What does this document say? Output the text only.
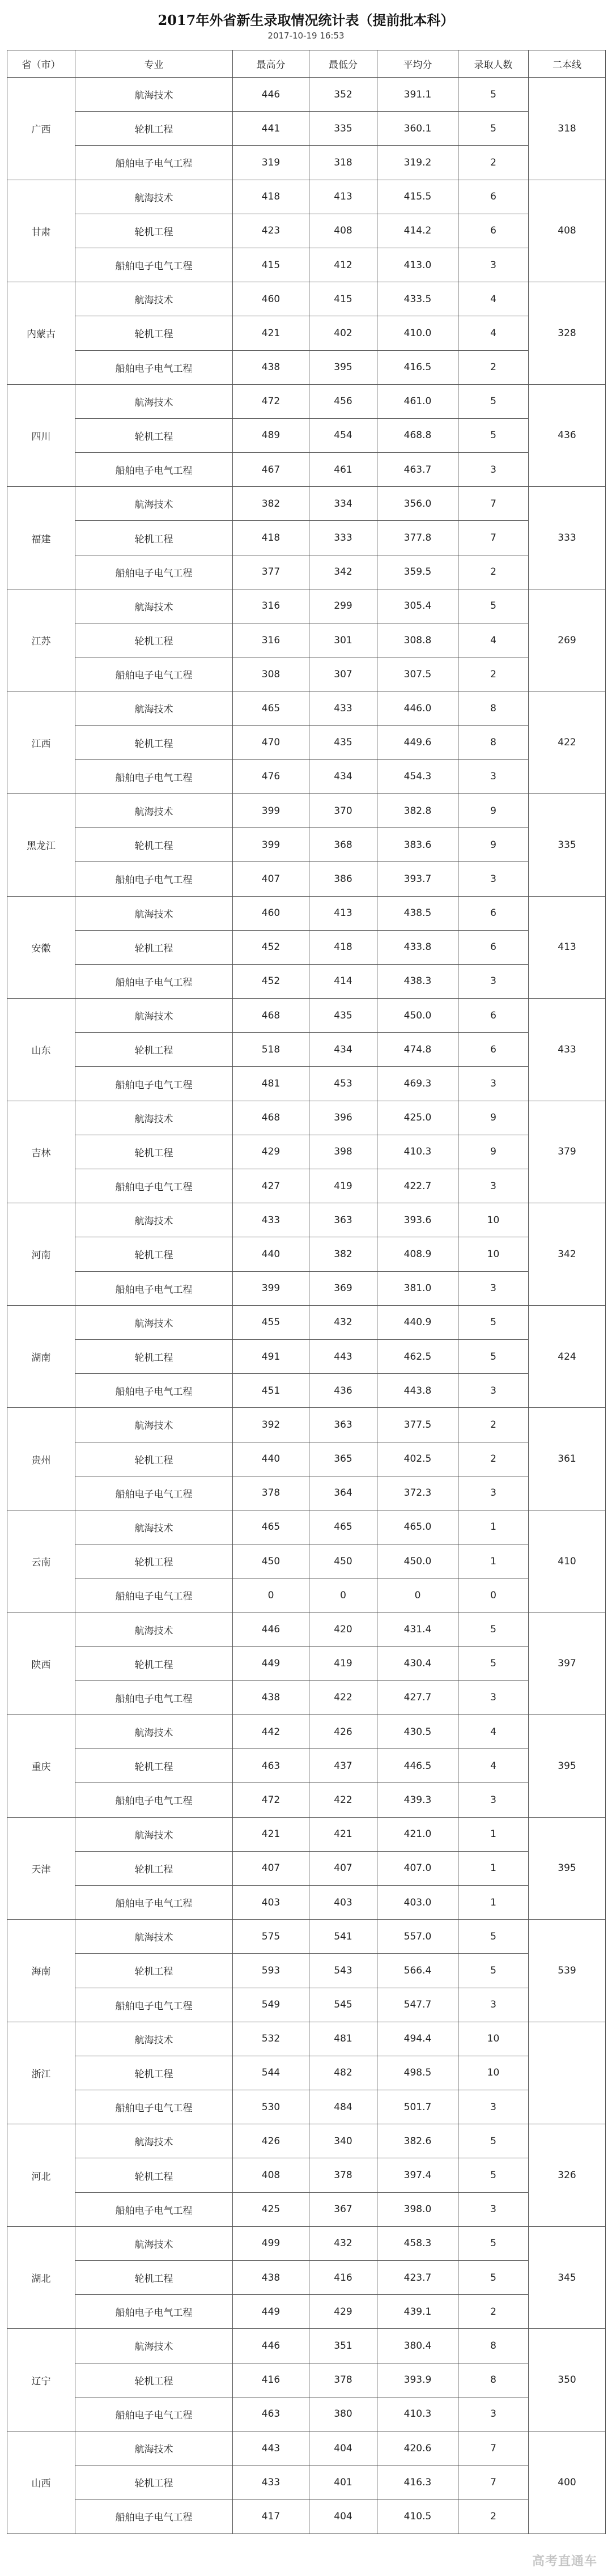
2017年外省新生录取情况统计表（提前批本科）
2017-10-19 16:53
省（市）	专业	最高分	最低分	平均分	录取人数	二本线
广西	航海技术	446	352	391.1	5	318
	轮机工程	441	335	360.1	5	
	船舶电子电气工程	319	318	319.2	2	
甘肃	航海技术	418	413	415.5	6	408
	轮机工程	423	408	414.2	6	
	船舶电子电气工程	415	412	413.0	3	
内蒙古	航海技术	460	415	433.5	4	328
	轮机工程	421	402	410.0	4	
	船舶电子电气工程	438	395	416.5	2	
四川	航海技术	472	456	461.0	5	436
	轮机工程	489	454	468.8	5	
	船舶电子电气工程	467	461	463.7	3	
福建	航海技术	382	334	356.0	7	333
	轮机工程	418	333	377.8	7	
	船舶电子电气工程	377	342	359.5	2	
江苏	航海技术	316	299	305.4	5	269
	轮机工程	316	301	308.8	4	
	船舶电子电气工程	308	307	307.5	2	
江西	航海技术	465	433	446.0	8	422
	轮机工程	470	435	449.6	8	
	船舶电子电气工程	476	434	454.3	3	
黑龙江	航海技术	399	370	382.8	9	335
	轮机工程	399	368	383.6	9	
	船舶电子电气工程	407	386	393.7	3	
安徽	航海技术	460	413	438.5	6	413
	轮机工程	452	418	433.8	6	
	船舶电子电气工程	452	414	438.3	3	
山东	航海技术	468	435	450.0	6	433
	轮机工程	518	434	474.8	6	
	船舶电子电气工程	481	453	469.3	3	
吉林	航海技术	468	396	425.0	9	379
	轮机工程	429	398	410.3	9	
	船舶电子电气工程	427	419	422.7	3	
河南	航海技术	433	363	393.6	10	342
	轮机工程	440	382	408.9	10	
	船舶电子电气工程	399	369	381.0	3	
湖南	航海技术	455	432	440.9	5	424
	轮机工程	491	443	462.5	5	
	船舶电子电气工程	451	436	443.8	3	
贵州	航海技术	392	363	377.5	2	361
	轮机工程	440	365	402.5	2	
	船舶电子电气工程	378	364	372.3	3	
云南	航海技术	465	465	465.0	1	410
	轮机工程	450	450	450.0	1	
	船舶电子电气工程	0	0	0	0	
陕西	航海技术	446	420	431.4	5	397
	轮机工程	449	419	430.4	5	
	船舶电子电气工程	438	422	427.7	3	
重庆	航海技术	442	426	430.5	4	395
	轮机工程	463	437	446.5	4	
	船舶电子电气工程	472	422	439.3	3	
天津	航海技术	421	421	421.0	1	395
	轮机工程	407	407	407.0	1	
	船舶电子电气工程	403	403	403.0	1	
海南	航海技术	575	541	557.0	5	539
	轮机工程	593	543	566.4	5	
	船舶电子电气工程	549	545	547.7	3	
浙江	航海技术	532	481	494.4	10	
	轮机工程	544	482	498.5	10	
	船舶电子电气工程	530	484	501.7	3	
河北	航海技术	426	340	382.6	5	326
	轮机工程	408	378	397.4	5	
	船舶电子电气工程	425	367	398.0	3	
湖北	航海技术	499	432	458.3	5	345
	轮机工程	438	416	423.7	5	
	船舶电子电气工程	449	429	439.1	2	
辽宁	航海技术	446	351	380.4	8	350
	轮机工程	416	378	393.9	8	
	船舶电子电气工程	463	380	410.3	3	
山西	航海技术	443	404	420.6	7	400
	轮机工程	433	401	416.3	7	
	船舶电子电气工程	417	404	410.5	2	
高考直通车
